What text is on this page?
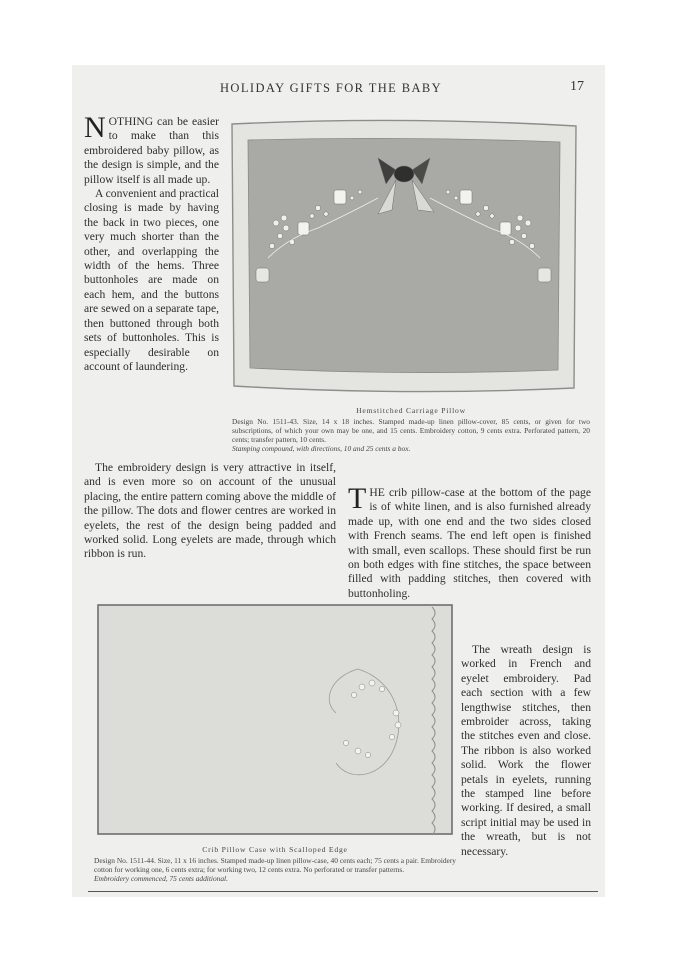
HOLIDAY GIFTS FOR THE BABY	17

N OTHING can be easier to make than this embroidered baby pillow, as the design is simple, and the pillow itself is all made up.

A convenient and practical closing is made by having the back in two pieces, one very much shorter than the other, and overlapping the width of the hems. Three buttonholes are made on each hem, and the buttons are sewed on a separate tape, then buttoned through both sets of buttonholes. This is especially desirable on account of laundering.

The embroidery design is very attractive in itself, and is even more so on account of the unusual placing, the entire pattern coming above the middle of the pillow. The dots and flower centres are worked in eyelets, the rest of the design being padded and worked solid. Long eyelets are made, through which ribbon is run.

Hemstitched Carriage Pillow
Design No. 1511-43. Size, 14 x 18 inches. Stamped made-up linen pillow-cover, 85 cents, or given for two subscriptions, of which your own may be one, and 15 cents. Embroidery cotton, 9 cents extra. Perforated pattern, 20 cents; transfer pattern, 10 cents.
Stamping compound, with directions, 10 and 25 cents a box.

T HE crib pillow-case at the bottom of the page is of white linen, and is also furnished already made up, with one end and the two sides closed with French seams. The end left open is finished with small, even scallops. These should first be run on both edges with fine stitches, the space between filled with padding stitches, then covered with buttonholing.

The wreath design is worked in French and eyelet embroidery. Pad each section with a few lengthwise stitches, then embroider across, taking the stitches even and close. The ribbon is also worked solid. Work the flower petals in eyelets, running the stamped line before working. If desired, a small script initial may be used in the wreath, but is not necessary.

Crib Pillow Case with Scalloped Edge
Design No. 1511-44. Size, 11 x 16 inches. Stamped made-up linen pillow-case, 40 cents each; 75 cents a pair. Embroidery cotton for working one, 6 cents extra; for working two, 12 cents extra. No perforated or transfer patterns.
Embroidery commenced, 75 cents additional.
